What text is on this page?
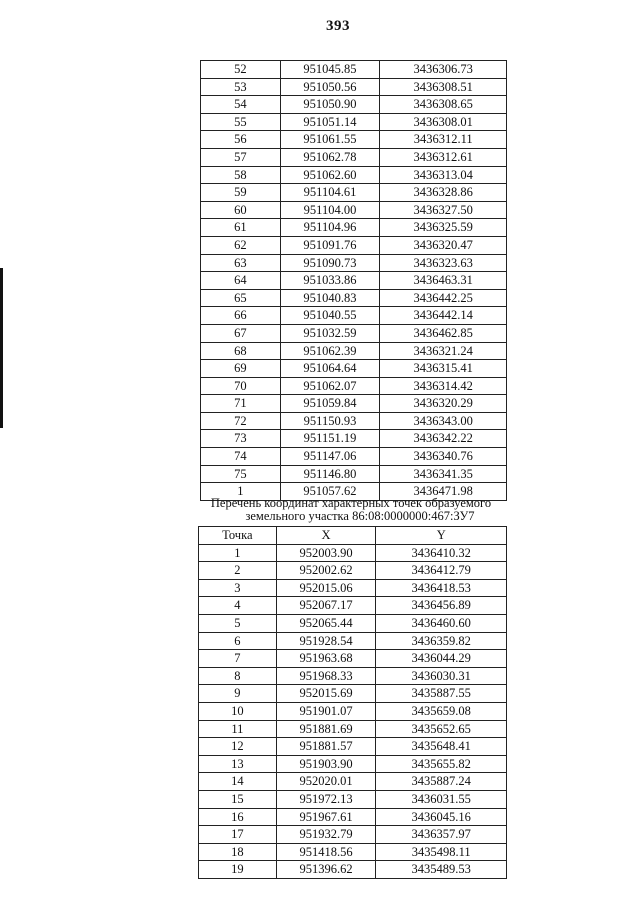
393
52	951045.85	3436306.73
53	951050.56	3436308.51
54	951050.90	3436308.65
55	951051.14	3436308.01
56	951061.55	3436312.11
57	951062.78	3436312.61
58	951062.60	3436313.04
59	951104.61	3436328.86
60	951104.00	3436327.50
61	951104.96	3436325.59
62	951091.76	3436320.47
63	951090.73	3436323.63
64	951033.86	3436463.31
65	951040.83	3436442.25
66	951040.55	3436442.14
67	951032.59	3436462.85
68	951062.39	3436321.24
69	951064.64	3436315.41
70	951062.07	3436314.42
71	951059.84	3436320.29
72	951150.93	3436343.00
73	951151.19	3436342.22
74	951147.06	3436340.76
75	951146.80	3436341.35
1	951057.62	3436471.98
Перечень координат характерных точек образуемого
земельного участка 86:08:0000000:467:ЗУ7
Точка	X	Y
1	952003.90	3436410.32
2	952002.62	3436412.79
3	952015.06	3436418.53
4	952067.17	3436456.89
5	952065.44	3436460.60
6	951928.54	3436359.82
7	951963.68	3436044.29
8	951968.33	3436030.31
9	952015.69	3435887.55
10	951901.07	3435659.08
11	951881.69	3435652.65
12	951881.57	3435648.41
13	951903.90	3435655.82
14	952020.01	3435887.24
15	951972.13	3436031.55
16	951967.61	3436045.16
17	951932.79	3436357.97
18	951418.56	3435498.11
19	951396.62	3435489.53
